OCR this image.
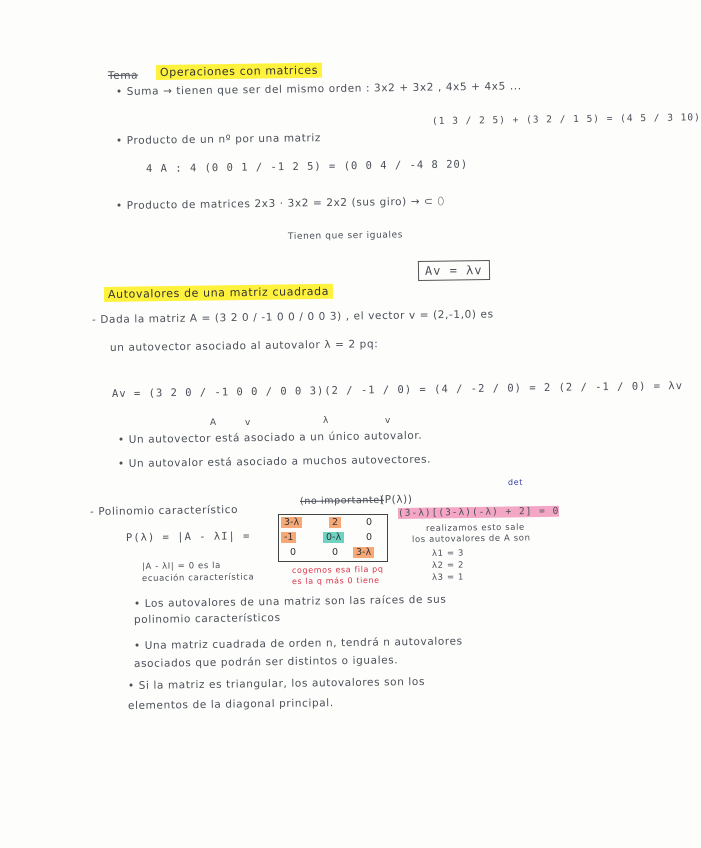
Tema	Operaciones con matrices
• Suma → tienen que ser del mismo orden : 3x2 + 3x2 , 4x5 + 4x5 ...
(1 3 / 2 5) + (3 2 / 1 5) = (4 5 / 3 10)
• Producto de un nº por una matriz
4 A : 4 (0 0 1 / -1 2 5) = (0 0 4 / -4 8 20)
• Producto de matrices 2x3 · 3x2 = 2x2 (sus giro) → ⊂ ⬯
Tienen que ser iguales
Autovalores de una matriz cuadrada
Av = λv
- Dada la matriz A = (3 2 0 / -1 0 0 / 0 0 3) , el vector v = (2,-1,0) es
un autovector asociado al autovalor λ = 2 pq:
Av = (3 2 0 / -1 0 0 / 0 0 3)(2 / -1 / 0) = (4 / -2 / 0) = 2 (2 / -1 / 0) = λv
A	v	λ	v
• Un autovector está asociado a un único autovalor.
• Un autovalor está asociado a muchos autovectores.
- Polinomio característico
(no importante)
(P(λ))
det
P(λ) = |A - λI| =
3-λ	2	0
-1	0-λ	0
0	0	3-λ
(3-λ)[(3-λ)(-λ) + 2] = 0
realizamos esto sale
los autovalores de A son
λ1 = 3
λ2 = 2
λ3 = 1
|A - λI| = 0 es la
ecuación característica
cogemos esa fila pq
es la q más 0 tiene
• Los autovalores de una matriz son las raíces de sus
polinomio característicos
• Una matriz cuadrada de orden n, tendrá n autovalores
asociados que podrán ser distintos o iguales.
• Si la matriz es triangular, los autovalores son los
elementos de la diagonal principal.
